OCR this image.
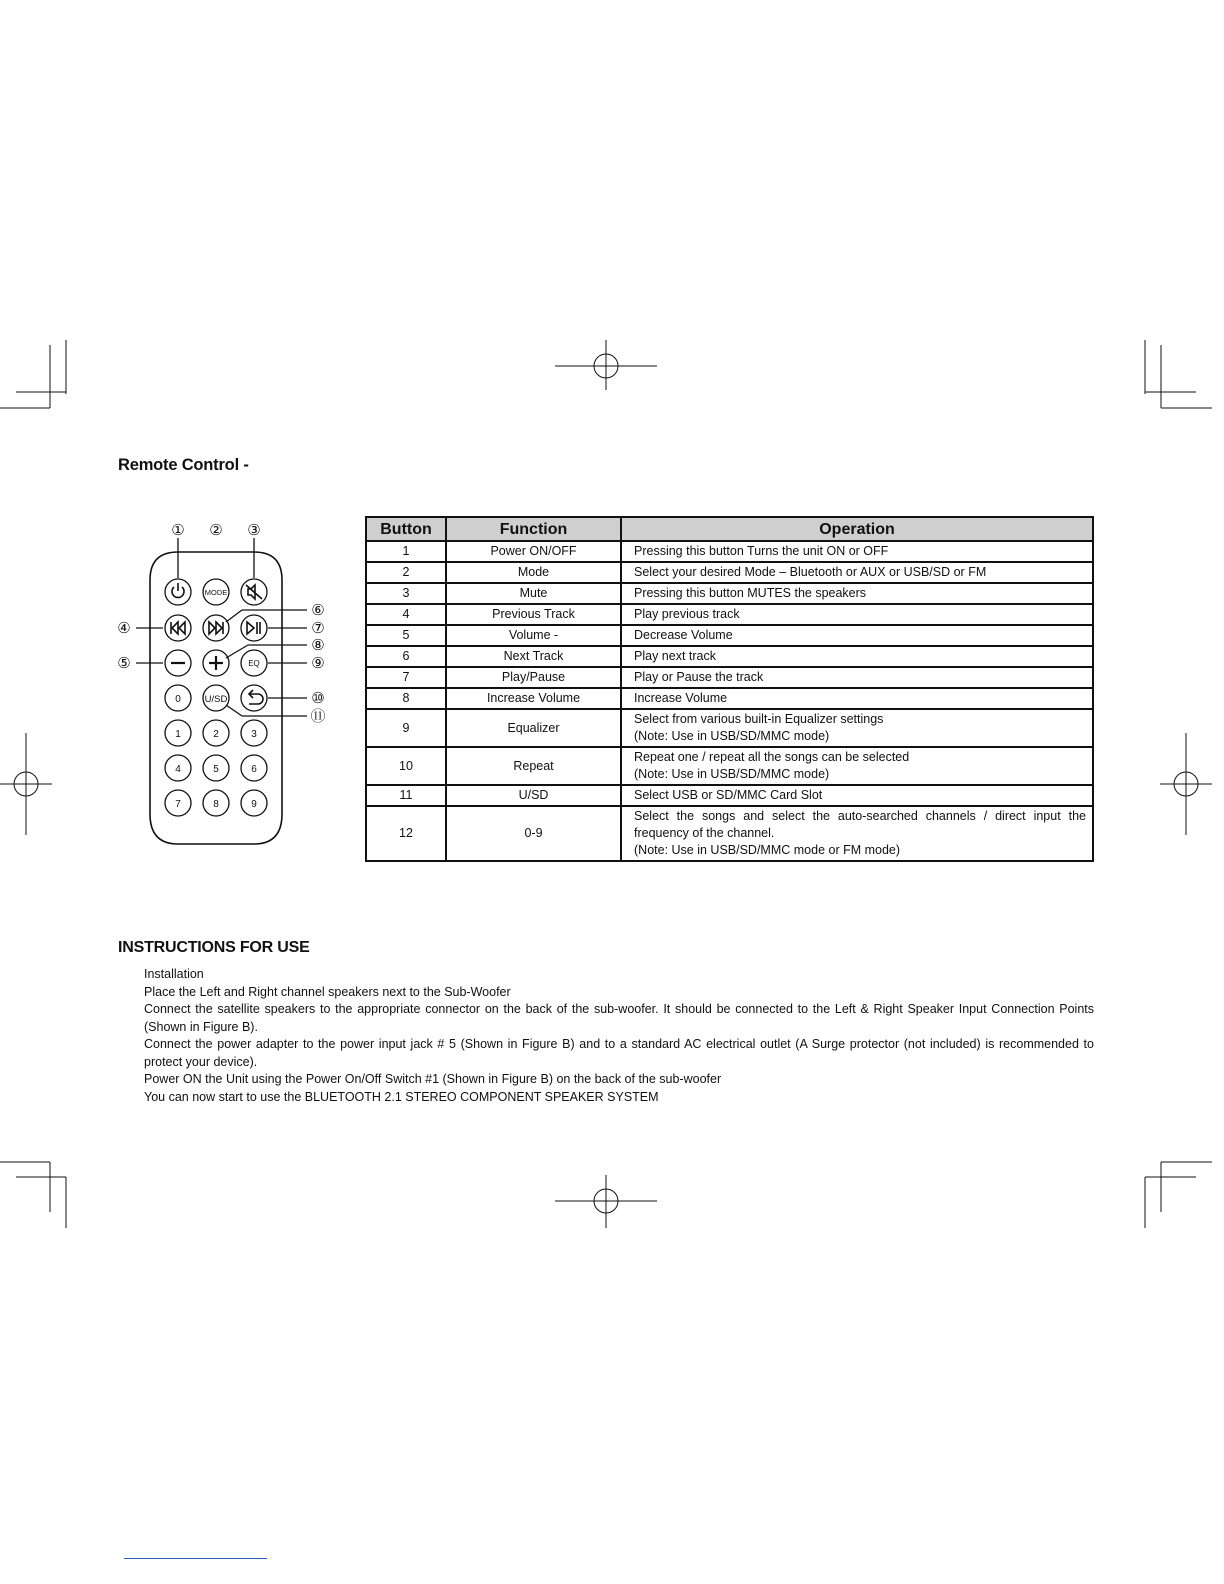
Remote Control -
MODE
EQ
U/SD
0
1	2	3
4	5	6
7	8	9
① ② ③
④
⑤
⑥
⑦
⑧
⑨
⑩
⑪
Button	Function	Operation
1	Power ON/OFF	Pressing this button Turns the unit ON or OFF

2	Mode	Select your desired Mode – Bluetooth or AUX or USB/SD or FM

3	Mute	Pressing this button MUTES the speakers

4	Previous Track	Play previous track

5	Volume -	Decrease Volume

6	Next Track	Play next track

7	Play/Pause	Play or Pause the track

8	Increase Volume	Increase Volume

9	Equalizer	Select from various built-in Equalizer settings
(Note: Use in USB/SD/MMC mode)

10	Repeat	Repeat one / repeat all the songs can be selected
(Note: Use in USB/SD/MMC mode)

11	U/SD	Select USB or SD/MMC Card Slot

12	0-9	Select the songs and select the auto-searched channels / direct input the frequency of the channel.
(Note: Use in USB/SD/MMC mode or FM mode)
INSTRUCTIONS FOR USE

Installation

Place the Left and Right channel speakers next to the Sub-Woofer

Connect the satellite speakers to the appropriate connector on the back of the sub-woofer. It should be connected to the Left & Right Speaker Input Connection Points (Shown in Figure B).

Connect the power adapter to the power input jack # 5 (Shown in Figure B) and to a standard AC electrical outlet (A Surge protector (not included) is recommended to protect your device).

Power ON the Unit using the Power On/Off Switch #1 (Shown in Figure B) on the back of the sub-woofer

You can now start to use the BLUETOOTH 2.1 STEREO COMPONENT SPEAKER SYSTEM
